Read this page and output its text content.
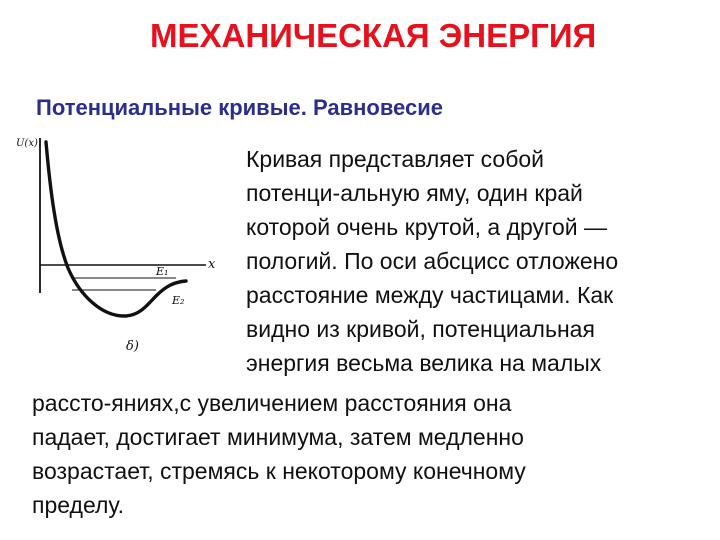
МЕХАНИЧЕСКАЯ ЭНЕРГИЯ
Потенциальные кривые. Равновесие
U(x)
x
E₁
E₂
δ)

Кривая представляет собой

потенци-альную яму, один край

которой очень крутой, а другой —

пологий. По оси абсцисс отложено

расстояние между частицами. Как

видно из кривой, потенциальная

энергия весьма велика на малых

рассто-яниях,с увеличением расстояния она

падает, достигает минимума, затем медленно

возрастает, стремясь к некоторому конечному

пределу.
